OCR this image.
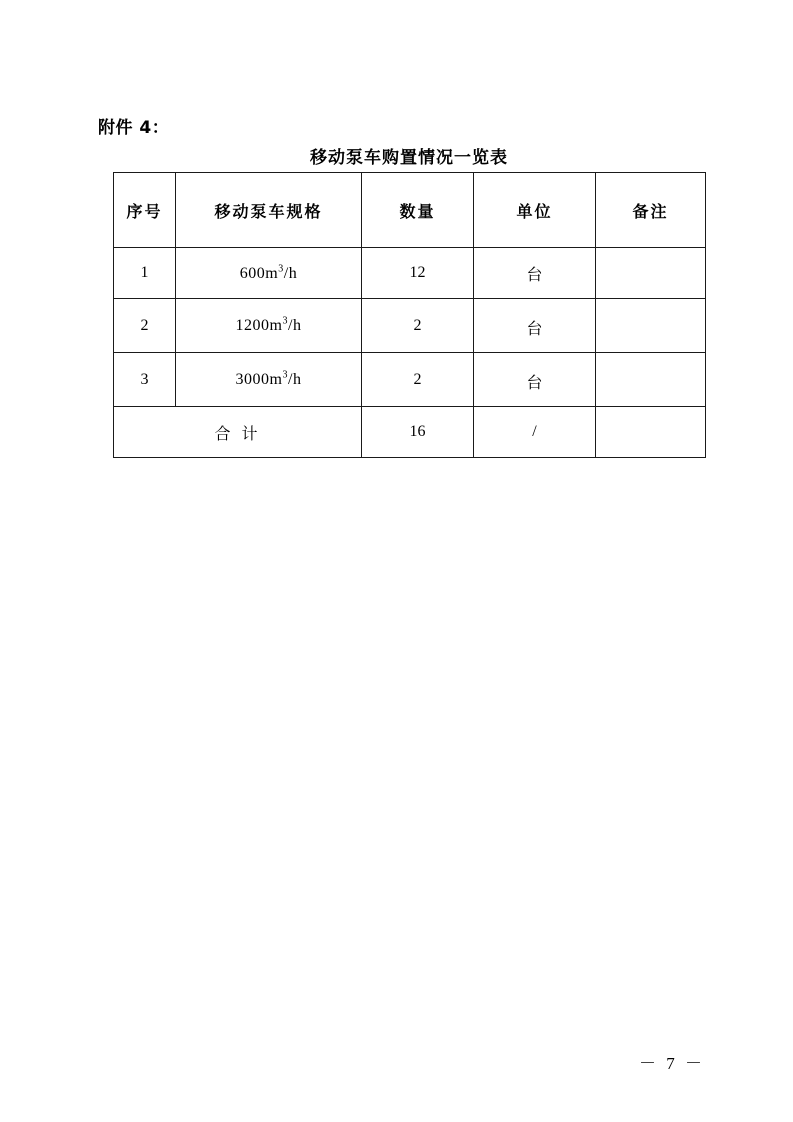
附件 4：
移动泵车购置情况一览表
序号	移动泵车规格	数量	单位	备注
1	$600m^3/h$	12	台	
2	$1200m^3/h$	2	台	
3	$3000m^3/h$	2	台	
合 计		16	/	
－ 7 －
